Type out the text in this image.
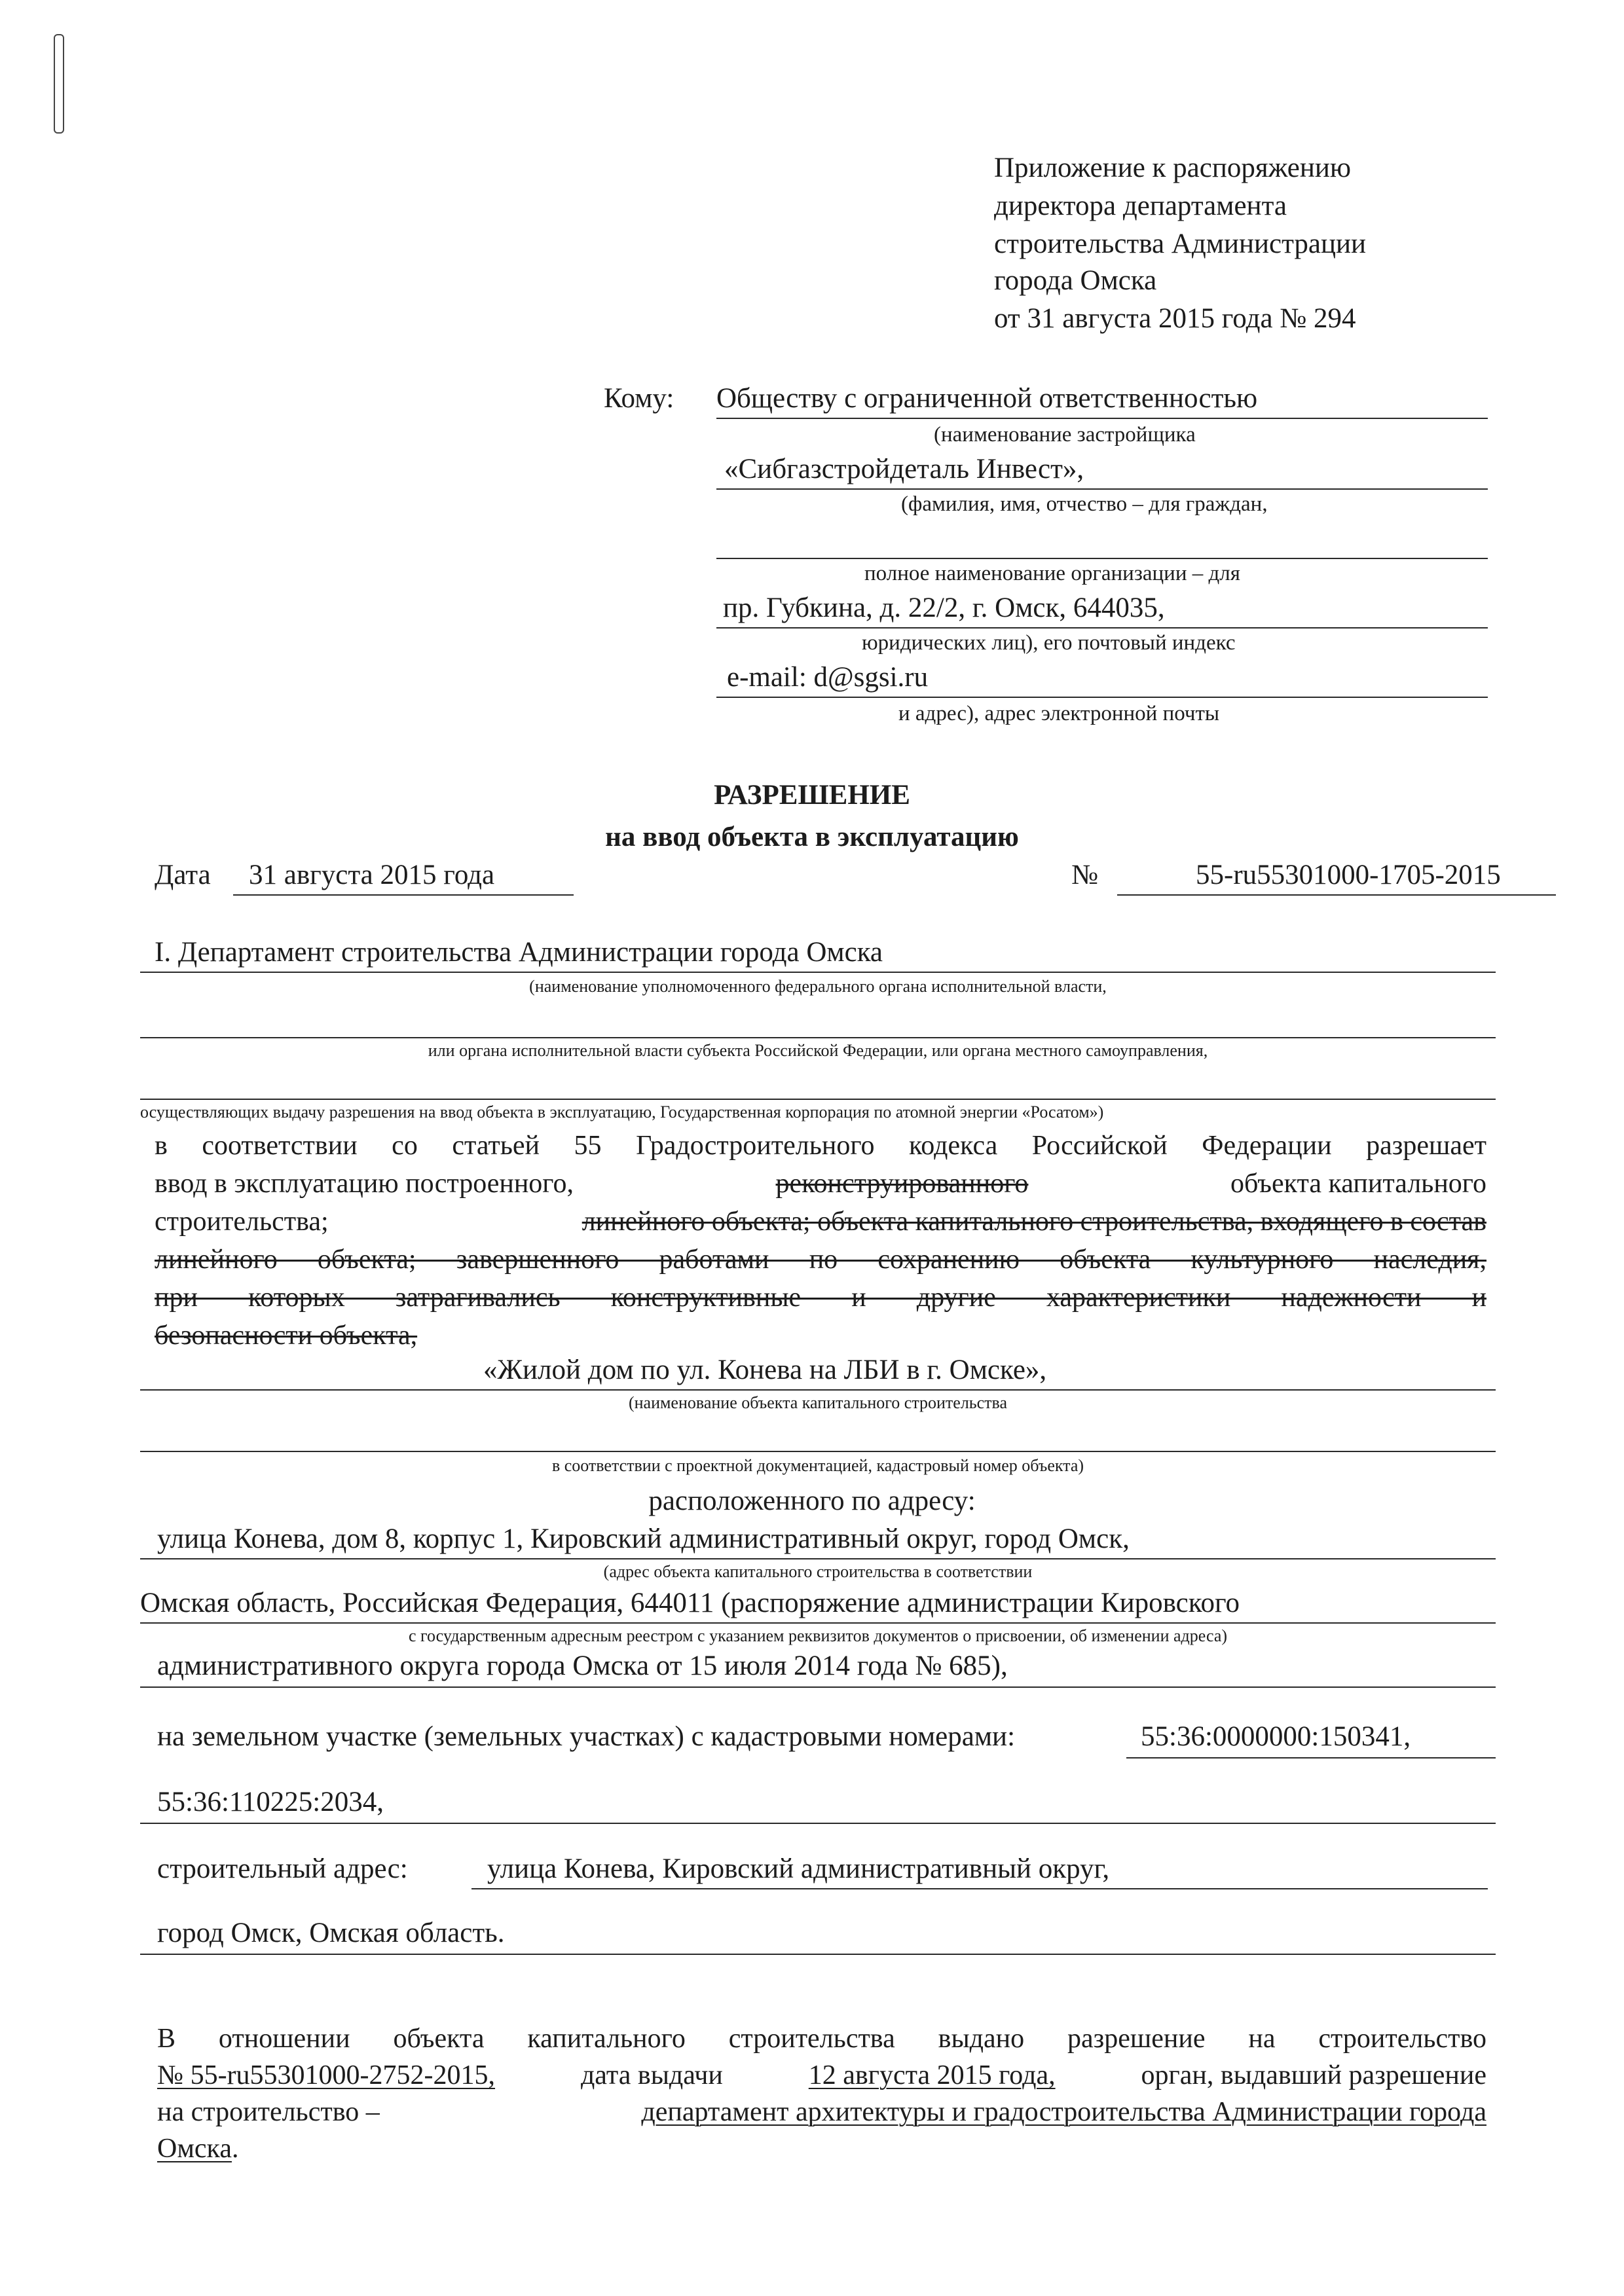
Приложение к распоряжению
директора департамента
строительства Администрации
города Омска
от 31 августа 2015 года № 294
Кому: Обществу с ограниченной ответственностью
(наименование застройщика
«Сибгазстройдеталь Инвест»,
(фамилия, имя, отчество – для граждан,
полное наименование организации – для
пр. Губкина, д. 22/2, г. Омск, 644035,
юридических лиц), его почтовый индекс
e-mail: d@sgsi.ru
и адрес), адрес электронной почты
РАЗРЕШЕНИЕ
на ввод объекта в эксплуатацию
Дата 31 августа 2015 года	№	55-ru55301000-1705-2015
I. Департамент строительства Администрации города Омска
(наименование уполномоченного федерального органа исполнительной власти,
или органа исполнительной власти субъекта Российской Федерации, или органа местного самоуправления,
осуществляющих выдачу разрешения на ввод объекта в эксплуатацию, Государственная корпорация по атомной энергии «Росатом»)
в соответствии со статьей 55 Градостроительного кодекса Российской Федерации разрешает
ввод в эксплуатацию построенного,	реконструированного	объекта капитального
строительства;	линейного объекта; объекта капитального строительства, входящего в состав
линейного объекта; завершенного работами по сохранению объекта культурного наследия,
при которых затрагивались конструктивные и другие характеристики надежности и
безопасности объекта,
«Жилой дом по ул. Конева на ЛБИ в г. Омске»,
(наименование объекта капитального строительства
в соответствии с проектной документацией, кадастровый номер объекта)
расположенного по адресу:
улица Конева, дом 8, корпус 1, Кировский административный округ, город Омск,
(адрес объекта капитального строительства в соответствии
Омская область, Российская Федерация, 644011 (распоряжение администрации Кировского
с государственным адресным реестром с указанием реквизитов документов о присвоении, об изменении адреса)
административного округа города Омска от 15 июля 2014 года № 685),
на земельном участке (земельных участках) с кадастровыми номерами:	55:36:0000000:150341,
55:36:110225:2034,
строительный адрес:	улица Конева, Кировский административный округ,
город Омск, Омская область.
В отношении объекта капитального строительства выдано разрешение на строительство
№ 55-ru55301000-2752-2015,	дата выдачи	12 августа 2015 года,	орган, выдавший разрешение
на строительство –	департамент архитектуры и градостроительства Администрации города
Омска.
